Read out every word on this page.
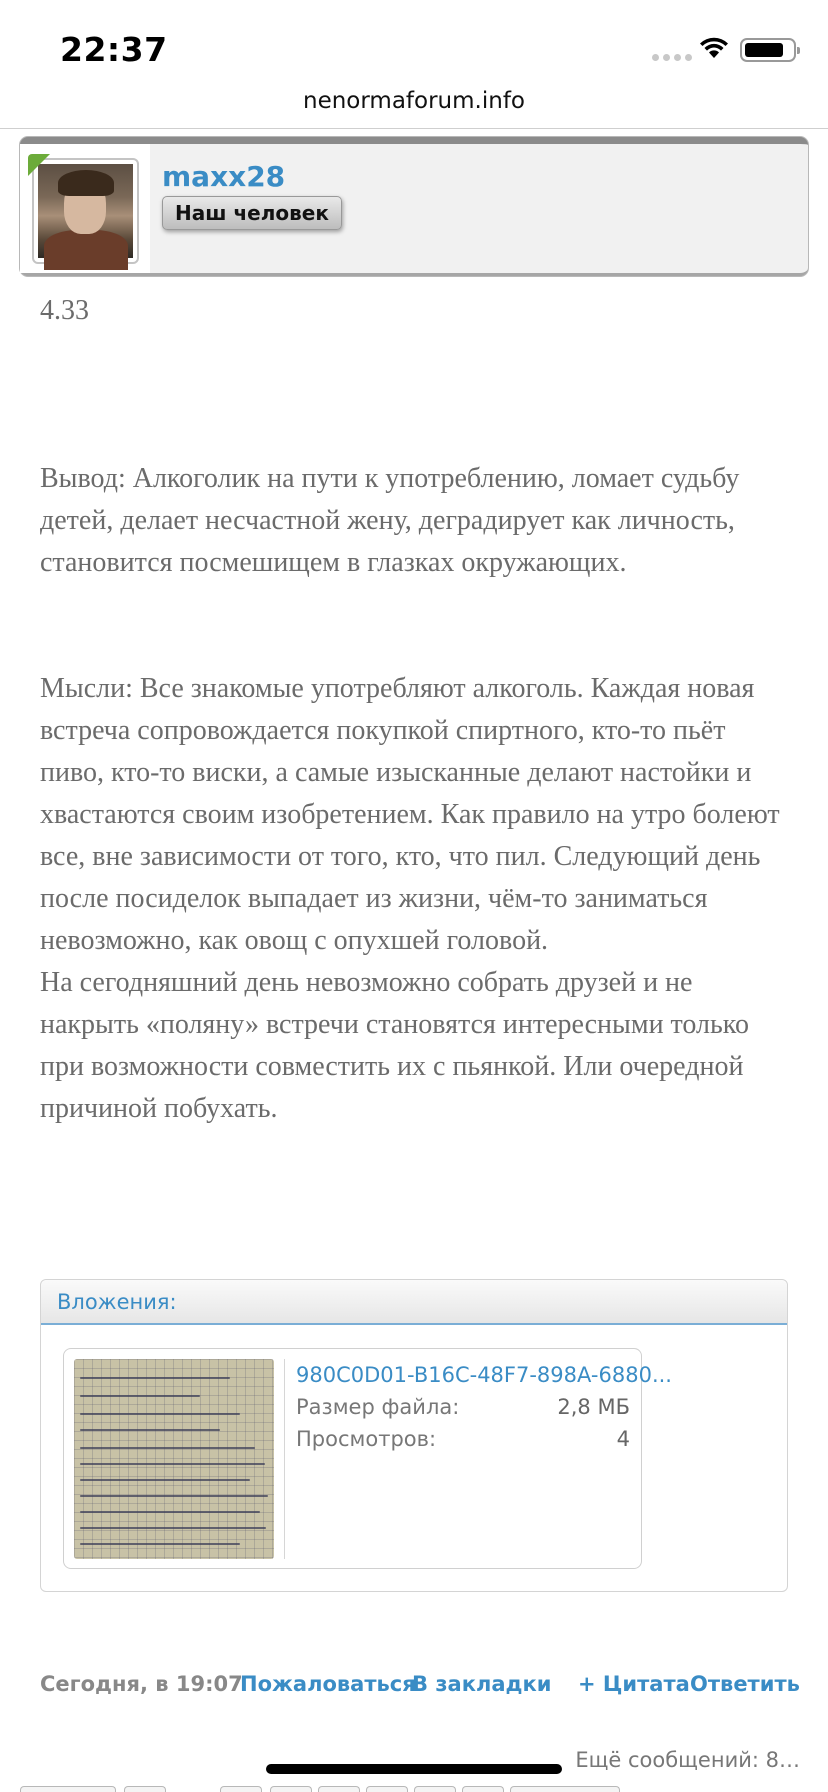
22:37
nenormaforum.info
maxx28
Наш человек

4.33

Вывод: Алкоголик на пути к употреблению, ломает судьбу детей, делает несчастной жену, деградирует как личность, становится посмешищем в глазках окружающих.

Мысли: Все знакомые употребляют алкоголь. Каждая новая встреча сопровождается покупкой спиртного, кто-то пьёт пиво, кто-то виски, а самые изысканные делают настойки и хвастаются своим изобретением. Как правило на утро болеют все, вне зависимости от того, кто, что пил. Следующий день после посиделок выпадает из жизни, чём-то заниматься невозможно, как овощ с опухшей головой.

На сегодняшний день невозможно собрать друзей и не накрыть «поляну» встречи становятся интересными только при возможности совместить их с пьянкой. Или очередной причиной побухать.

Вложения:
980C0D01-B16C-48F7-898A-6880...
Размер файла:	2,8 МБ
Просмотров:	4
Сегодня, в 19:07
Пожаловаться
В закладки + Цитата Ответить
Ещё сообщений: 8…
